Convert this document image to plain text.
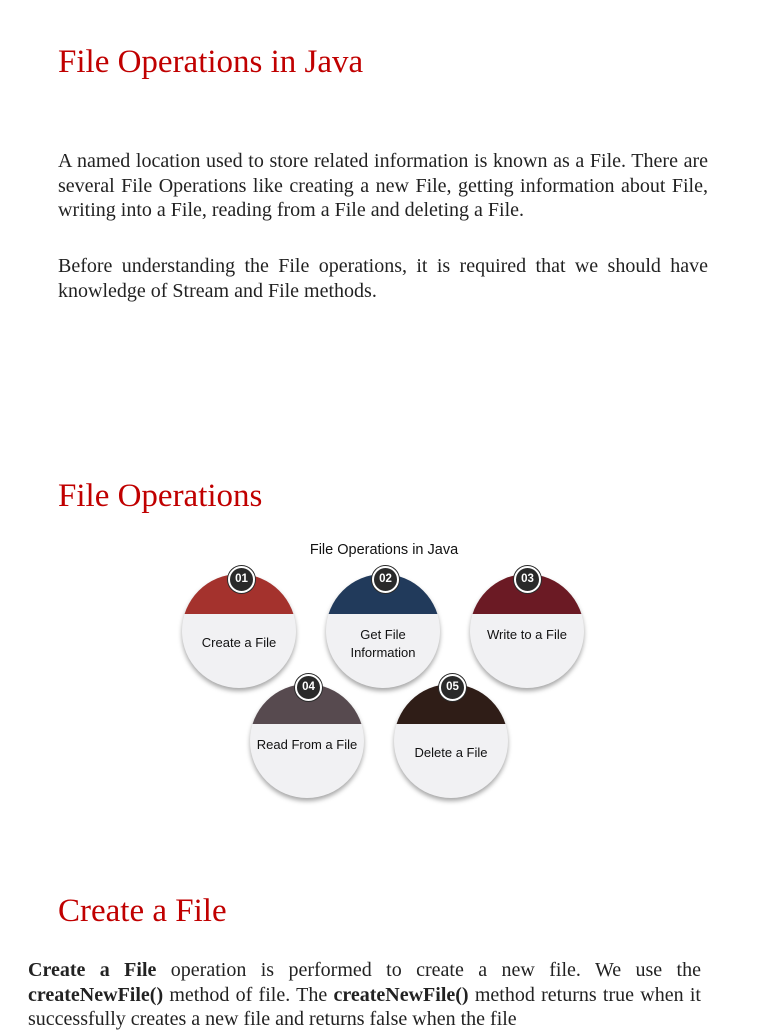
File Operations in Java

A named location used to store related information is known as a File. There are several File Operations like creating a new File, getting information about File, writing into a File, reading from a File and deleting a File.

Before understanding the File operations, it is required that we should have knowledge of Stream and File methods.

File Operations
File Operations in Java
Create a File
01
Get File Information
02
Write to a File
03
Read From a File
04
Delete a File
05
Create a File

Create a File operation is performed to create a new file. We use the createNewFile() method of file. The createNewFile() method returns true when it successfully creates a new file and returns false when the file
